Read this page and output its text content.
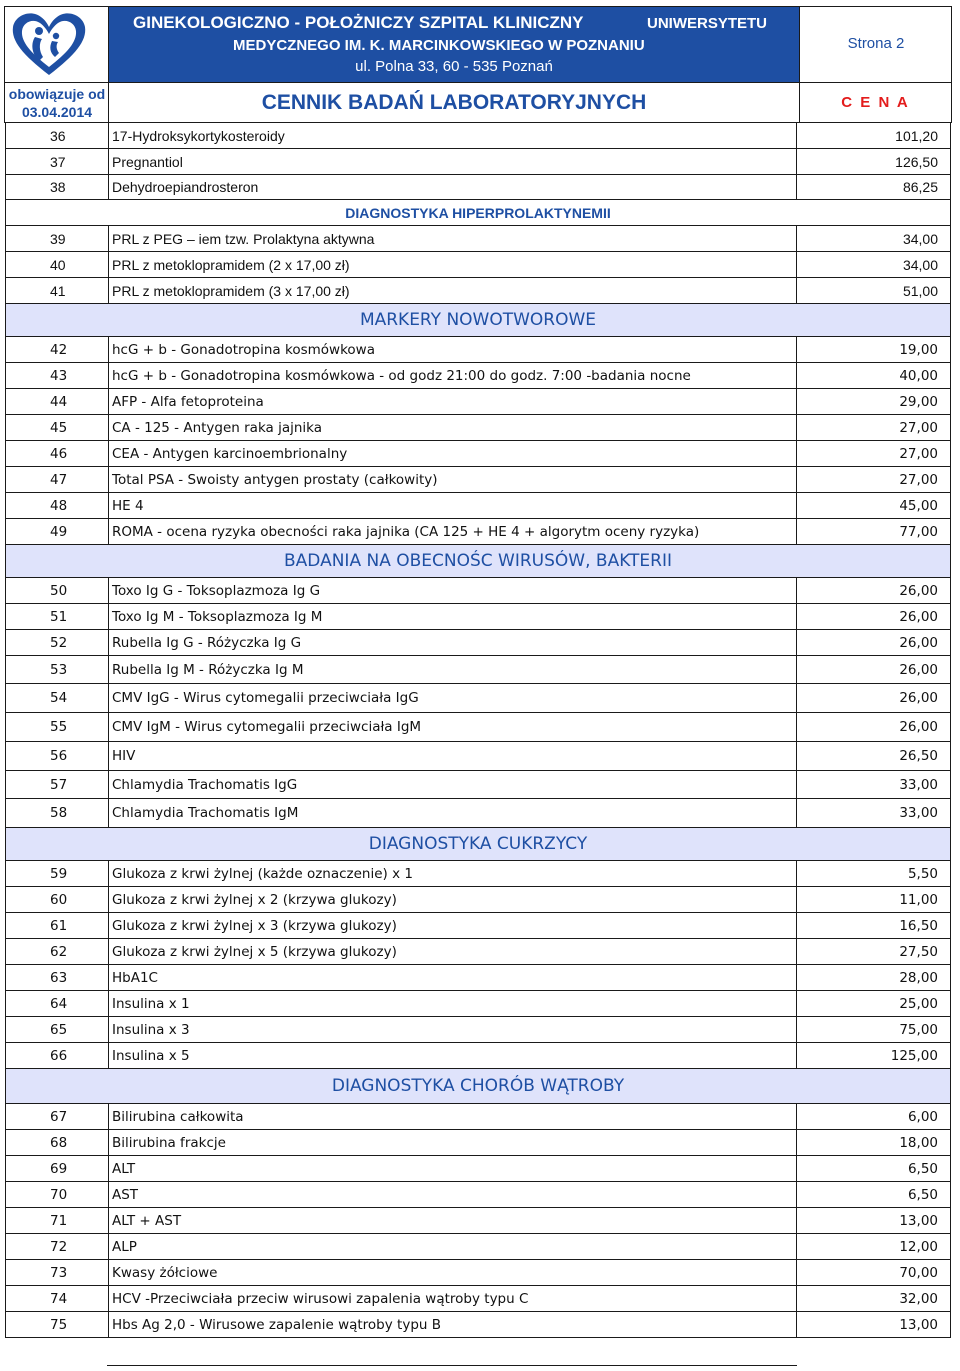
GINEKOLOGICZNO - POŁOŻNICZY SZPITAL KLINICZNY	UNIWERSYTETU
MEDYCZNEGO IM. K. MARCINKOWSKIEGO W POZNANIU
ul. Polna 33, 60 - 535 Poznań
Strona 2
obowiązuje od
03.04.2014	CENNIK BADAŃ LABORATORYJNYCH	C E N A
36	17-Hydroksykortykosteroidy	101,20
37	Pregnantiol	126,50
38	Dehydroepiandrosteron	86,25
DIAGNOSTYKA HIPERPROLAKTYNEMII
39	PRL z PEG – iem tzw. Prolaktyna aktywna	34,00
40	PRL z metoklopramidem (2 x 17,00 zł)	34,00
41	PRL z metoklopramidem (3 x 17,00 zł)	51,00
MARKERY NOWOTWOROWE
42	hcG + b - Gonadotropina kosmówkowa	19,00
43	hcG + b - Gonadotropina kosmówkowa - od godz 21:00 do godz. 7:00 -badania nocne	40,00
44	AFP - Alfa fetoproteina	29,00
45	CA - 125 - Antygen raka jajnika	27,00
46	CEA - Antygen karcinoembrionalny	27,00
47	Total PSA - Swoisty antygen prostaty (całkowity)	27,00
48	HE 4	45,00
49	ROMA - ocena ryzyka obecności raka jajnika (CA 125 + HE 4 + algorytm oceny ryzyka)	77,00
BADANIA NA OBECNOŚC WIRUSÓW, BAKTERII
50	Toxo Ig G - Toksoplazmoza Ig G	26,00
51	Toxo Ig M - Toksoplazmoza Ig M	26,00
52	Rubella Ig G - Różyczka Ig G	26,00
53	Rubella Ig M - Różyczka Ig M	26,00
54	CMV IgG - Wirus cytomegalii przeciwciała IgG	26,00
55	CMV IgM - Wirus cytomegalii przeciwciała IgM	26,00
56	HIV	26,50
57	Chlamydia Trachomatis IgG	33,00
58	Chlamydia Trachomatis IgM	33,00
DIAGNOSTYKA CUKRZYCY
59	Glukoza z krwi żylnej (każde oznaczenie) x 1	5,50
60	Glukoza z krwi żylnej x 2 (krzywa glukozy)	11,00
61	Glukoza z krwi żylnej x 3 (krzywa glukozy)	16,50
62	Glukoza z krwi żylnej x 5 (krzywa glukozy)	27,50
63	HbA1C	28,00
64	Insulina x 1	25,00
65	Insulina x 3	75,00
66	Insulina x 5	125,00
DIAGNOSTYKA CHORÓB WĄTROBY
67	Bilirubina całkowita	6,00
68	Bilirubina frakcje	18,00
69	ALT	6,50
70	AST	6,50
71	ALT + AST	13,00
72	ALP	12,00
73	Kwasy żółciowe	70,00
74	HCV -Przeciwciała przeciw wirusowi zapalenia wątroby typu C	32,00
75	Hbs Ag 2,0 - Wirusowe zapalenie wątroby typu B	13,00
